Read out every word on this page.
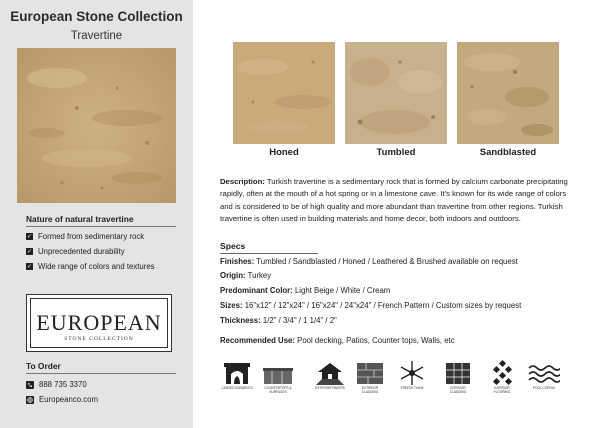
European Stone Collection
Travertine
Nature of natural travertine
✓ Formed from sedimentary rock
✓ Unprecedented durability
✓ Wide range of colors and textures
EUROPEAN
STONE COLLECTION
To Order
888 735 3370
Europeanco.com
Honed	Tumbled	Sandblasted
Description: Turkish travertine is a sedimentary rock that is formed by calcium carbonate precipitating rapidly, often at the mouth of a hot spring or in a limestone cave. It's known for its wide range of colors and is considered to be of high quality and more abundant than travertine from other regions. Turkish travertine is often used in building materials and home decor, both indoors and outdoors.
Specs
Finishes: Tumbled / Sandblasted / Honed / Leathered & Brushed available on request
Origin: Turkey
Predominant Color: Light Beige / White / Cream
Sizes: 16"x12" / 12"x24" / 16"x24" / 24"x24" / French Pattern / Custom sizes by request
Thickness: 1/2" / 3/4" / 1 1/4" / 2"
Recommended Use: Pool decking, Patios, Counter tops, Walls, etc
CARVED ELEMENTS	COUNTERTOPS & SURFACES
EXTERIOR PAVERS	EXTERIOR CLADDING
FREEZE THAW	INTERIOR CLADDING
INTERIOR FLOORING
POOL COPING
